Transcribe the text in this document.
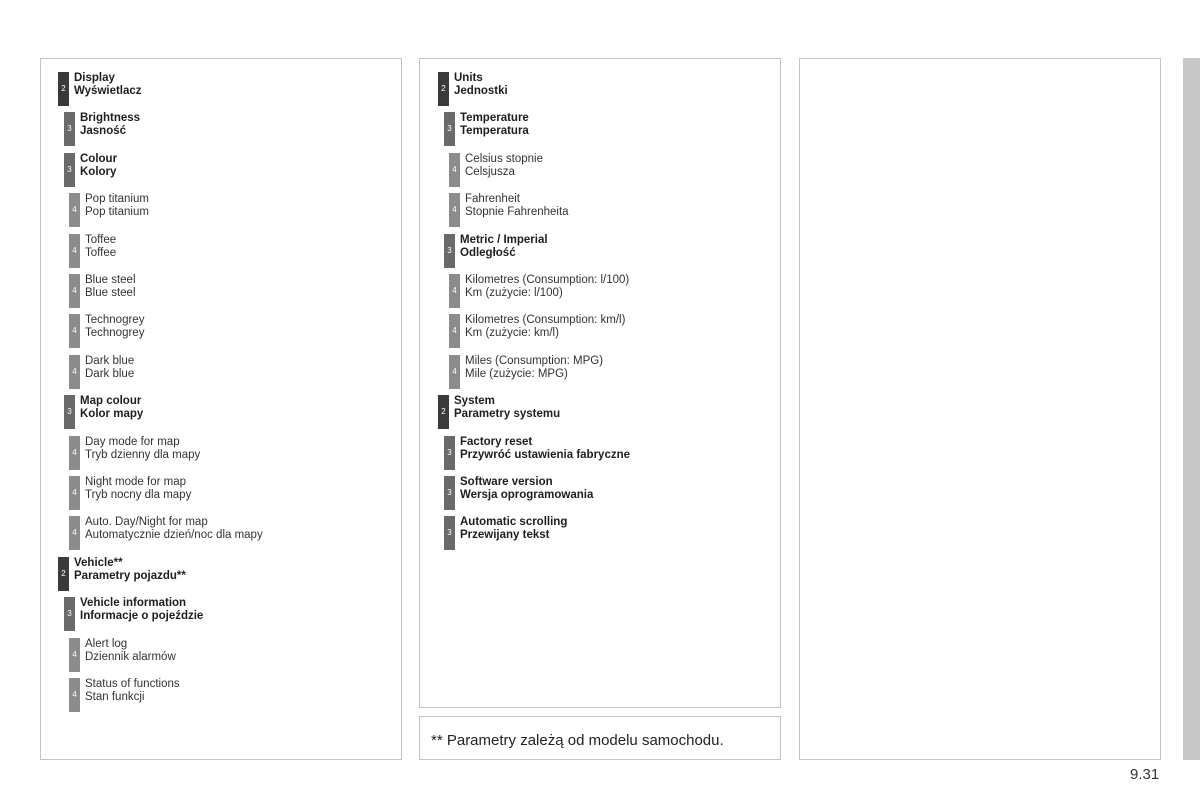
** Parametry zależą od modelu samochodu.
9.31
2
Display
Wyświetlacz
3
Brightness
Jasność
3
Colour
Kolory
4
Pop titanium
Pop titanium
4
Toffee
Toffee
4
Blue steel
Blue steel
4
Technogrey
Technogrey
4
Dark blue
Dark blue
3
Map colour
Kolor mapy
4
Day mode for map
Tryb dzienny dla mapy
4
Night mode for map
Tryb nocny dla mapy
4
Auto. Day/Night for map
Automatycznie dzień/noc dla mapy
2
Vehicle**
Parametry pojazdu**
3
Vehicle information
Informacje o pojeździe
4
Alert log
Dziennik alarmów
4
Status of functions
Stan funkcji
2
Units
Jednostki
3
Temperature
Temperatura
4
Celsius stopnie
Celsjusza
4
Fahrenheit
Stopnie Fahrenheita
3
Metric / Imperial
Odległość
4
Kilometres (Consumption: l/100)
Km (zużycie: l/100)
4
Kilometres (Consumption: km/l)
Km (zużycie: km/l)
4
Miles (Consumption: MPG)
Mile (zużycie: MPG)
2
System
Parametry systemu
3
Factory reset
Przywróć ustawienia fabryczne
3
Software version
Wersja oprogramowania
3
Automatic scrolling
Przewijany tekst
